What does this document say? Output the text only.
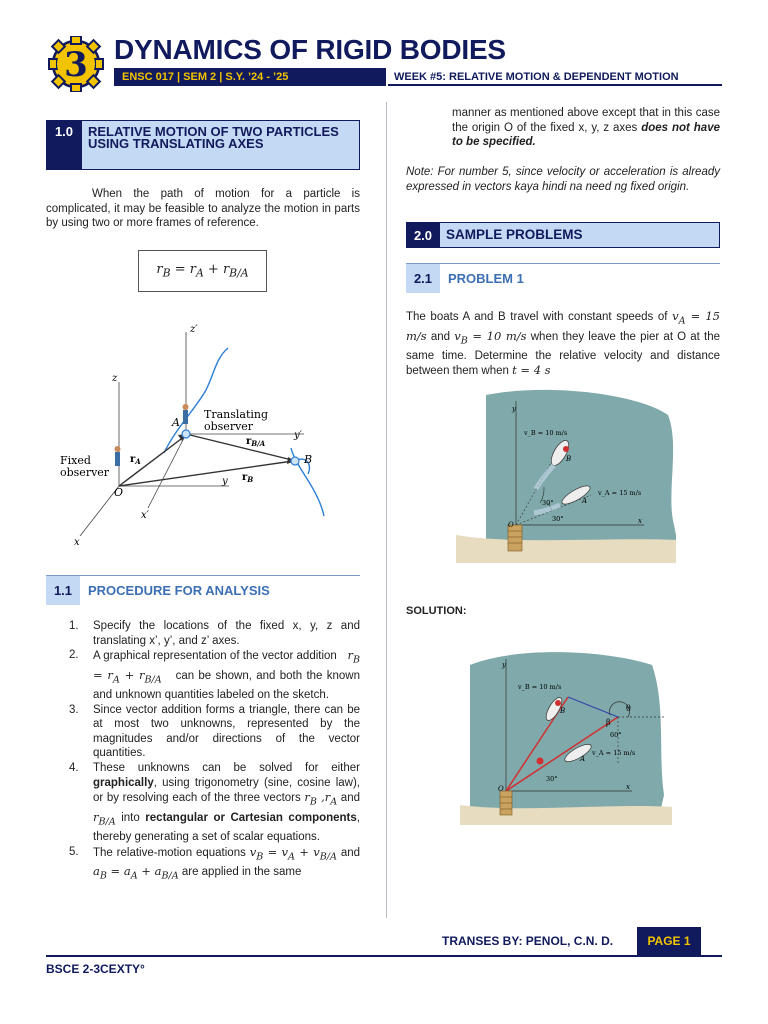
3 DYNAMICS OF RIGID BODIES
ENSC 017 | SEM 2 | S.Y. ’24 - ’25	WEEK #5: RELATIVE MOTION & DEPENDENT MOTION
1.0	RELATIVE MOTION OF TWO PARTICLES USING TRANSLATING AXES
When the path of motion for a particle is complicated, it may be feasible to analyze the motion in parts by using two or more frames of reference.
$r_B = r_A + r_{B/A}$
z′
z
y′
y
x′
x
O
A
B
Translating
observer
Fixed
observer
$r_A$
$r_B$
$r_{B/A}$
1.1	PROCEDURE FOR ANALYSIS
1. Specify the locations of the fixed x, y, z and translating x’, y’, and z’ axes.
2. A graphical representation of the vector addition   $r_B = r_A + r_{B/A}$ can be shown, and both the known and unknown quantities labeled on the sketch.
3. Since vector addition forms a triangle, there can be at most two unknowns, represented by the magnitudes and/or directions of the vector quantities.
4. These unknowns can be solved for either graphically, using trigonometry (sine, cosine law), or by resolving each of the three vectors $r_B$ $,r_A$ and $r_{B/A}$ into rectangular or Cartesian components, thereby generating a set of scalar equations.
5. The relative-motion equations $v_B = v_A + v_{B/A}$ and $a_B = a_A + a_{B/A}$ are applied in the same
manner as mentioned above except that in this case the origin O of the fixed x, y, z axes does not have to be specified.
Note: For number 5, since velocity or acceleration is already expressed in vectors kaya hindi na need ng fixed origin.
2.0	SAMPLE PROBLEMS
2.1	PROBLEM 1
The boats A and B travel with constant speeds of $v_A = 15$ m/s and $v_B = 10$ m/s when they leave the pier at O at the same time. Determine the relative velocity and distance between them when t = 4 s
y
x
O
A
B
v_B = 10 m/s
v_A = 15 m/s
30°
30°
SOLUTION:
y
x
O
A
B
v_B = 10 m/s
v_A = 15 m/s
θ
β
60°
30°
TRANSES BY: PENOL, C.N. D.	PAGE 1
BSCE 2-3CEXTY°
